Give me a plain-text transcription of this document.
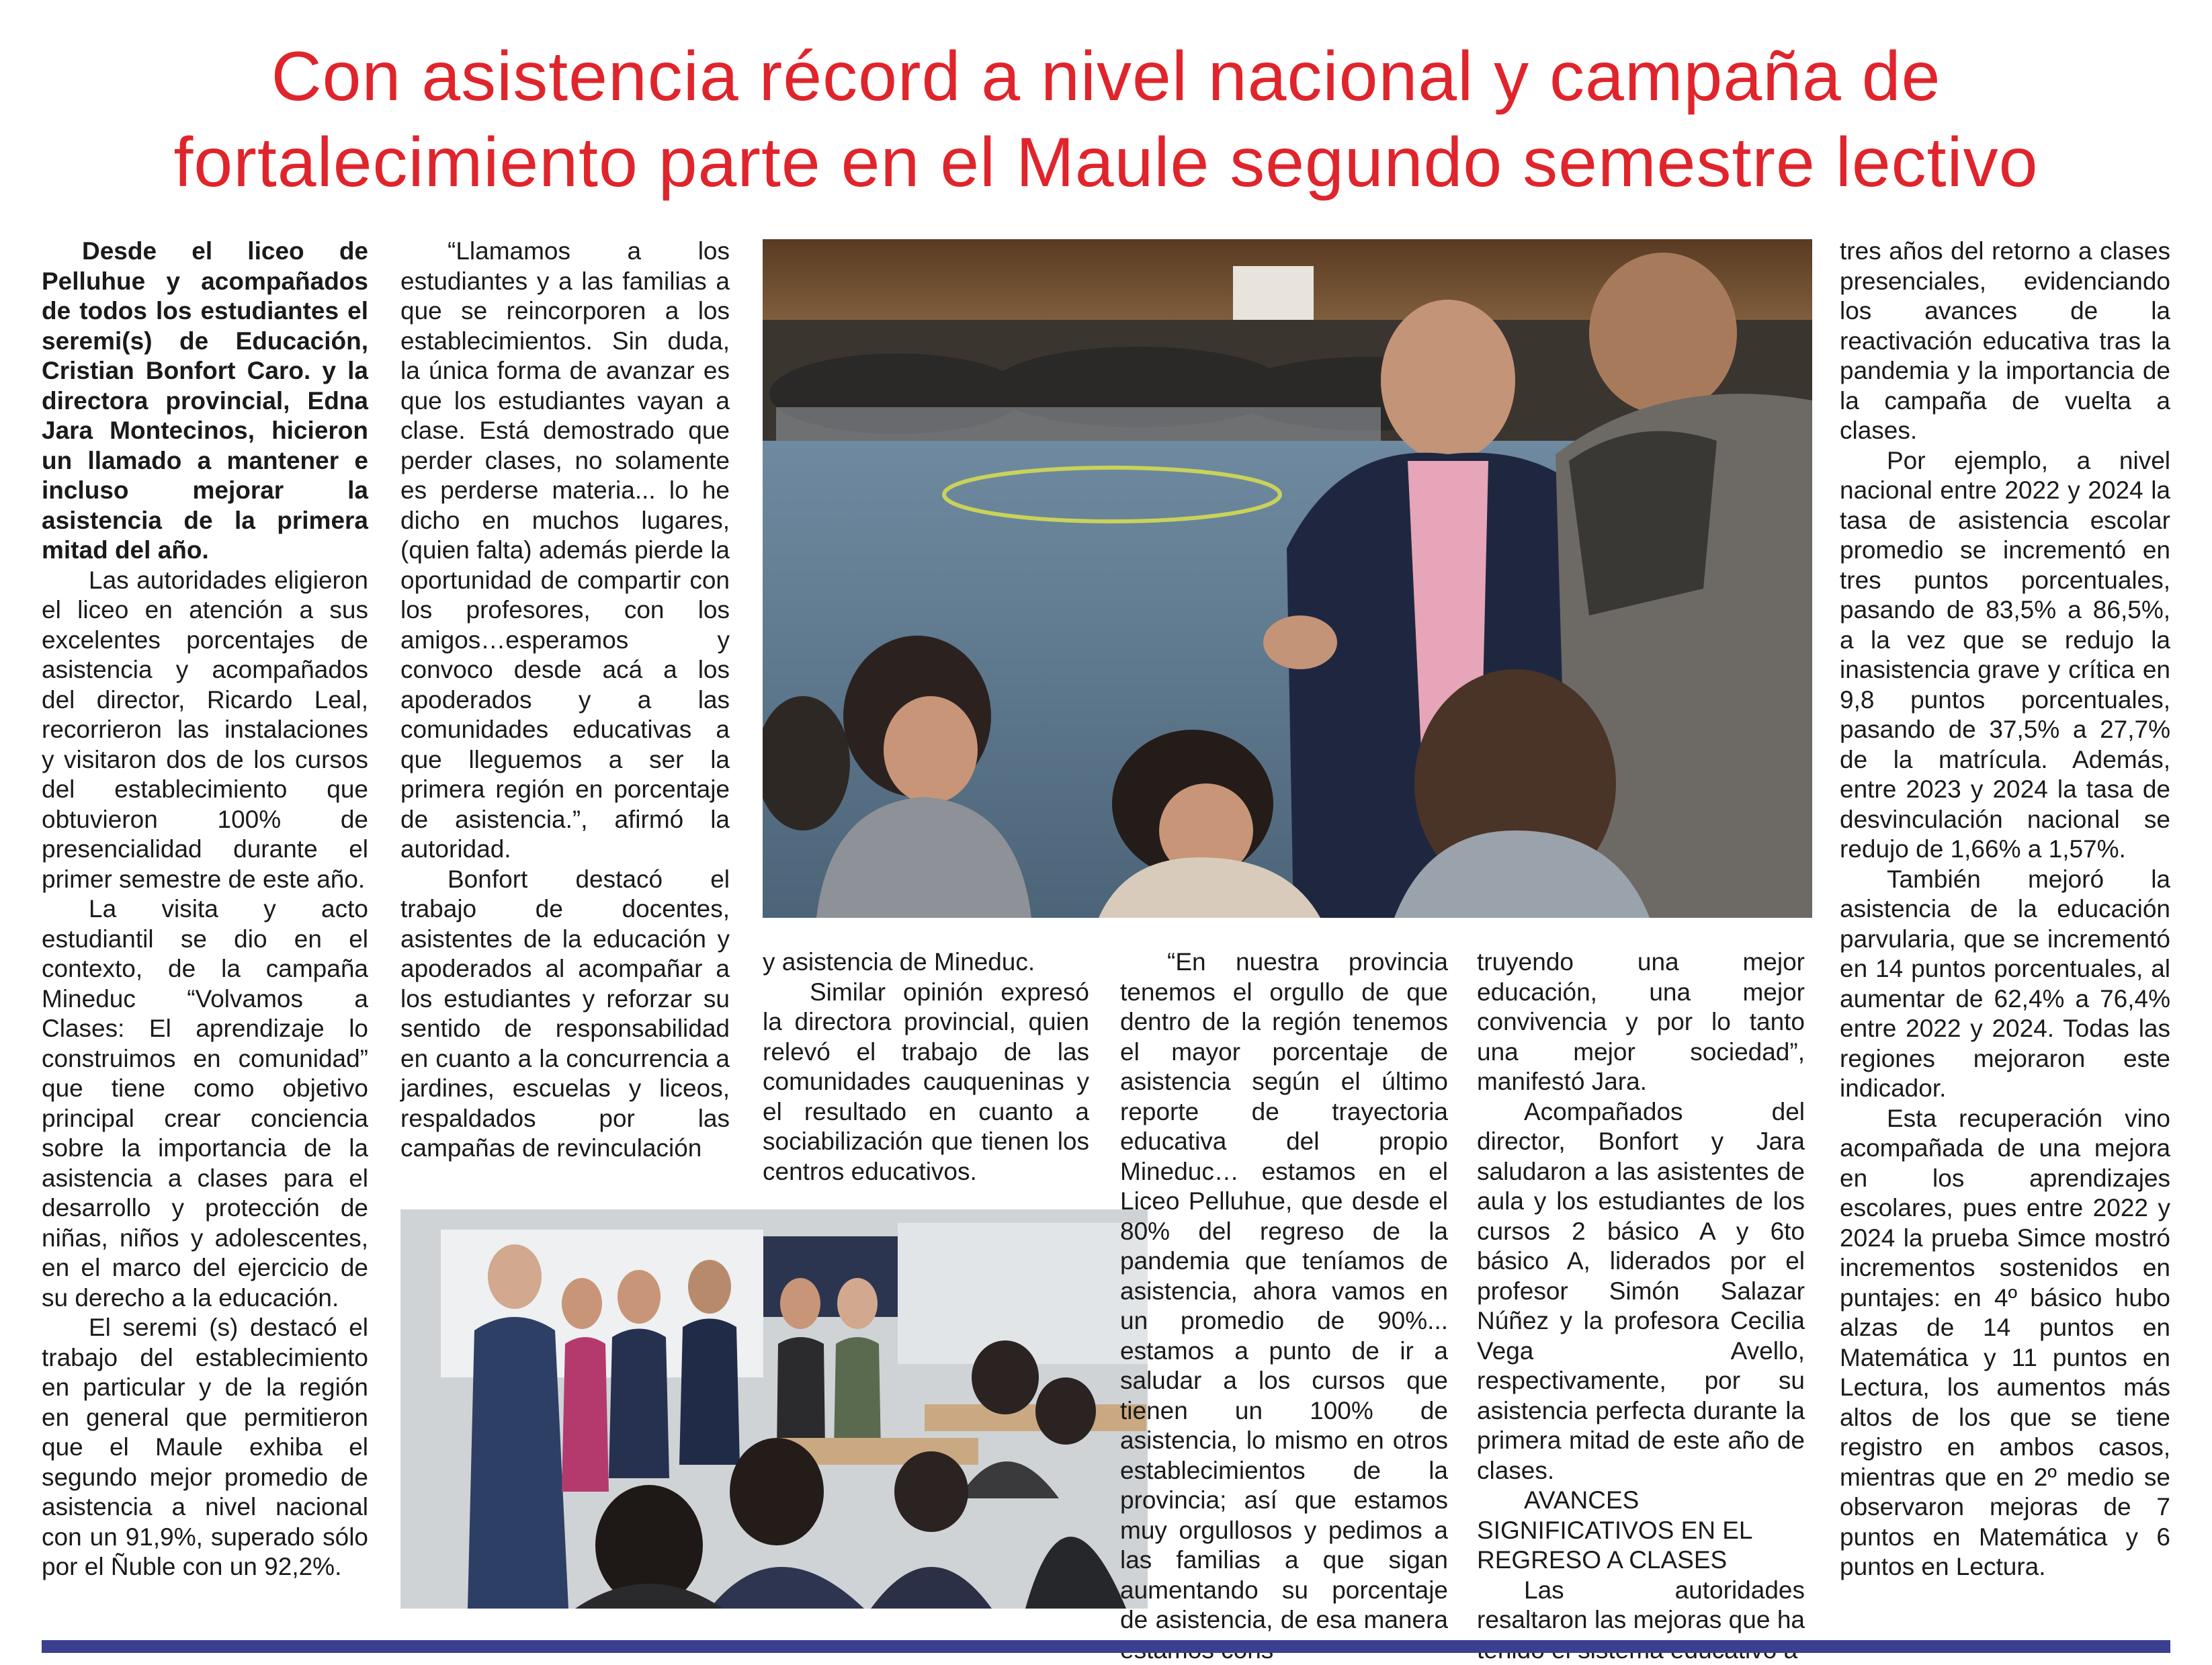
Con asistencia récord a nivel nacional y campaña de
fortalecimiento parte en el Maule segundo semestre lectivo

Desde el liceo de Pelluhue y acompañados de todos los estudiantes el seremi(s) de Educación, Cristian Bonfort Caro. y la directora provincial, Edna Jara Montecinos, hicieron un llamado a mantener e incluso mejorar la asistencia de la primera mitad del año.

Las autoridades eligieron el liceo en atención a sus excelentes porcentajes de asistencia y acompañados del director, Ricardo Leal, recorrieron las instalaciones y visitaron dos de los cursos del establecimiento que obtuvieron 100% de presencialidad durante el primer semestre de este año.

La visita y acto estudiantil se dio en el contexto, de la campaña Mineduc “Volvamos a Clases: El aprendizaje lo construimos en comunidad” que tiene como objetivo principal crear conciencia sobre la importancia de la asistencia a clases para el desarrollo y protección de niñas, niños y adolescentes, en el marco del ejercicio de su derecho a la educación.

El seremi (s) destacó el trabajo del establecimiento en particular y de la región en general que permitieron que el Maule exhiba el segundo mejor promedio de asistencia a nivel nacional con un 91,9%, superado sólo por el Ñuble con un 92,2%.

“Llamamos a los estudiantes y a las familias a que se reincorporen a los establecimientos. Sin duda, la única forma de avanzar es que los estudiantes vayan a clase. Está demostrado que perder clases, no solamente es perderse materia... lo he dicho en muchos lugares, (quien falta) además pierde la oportunidad de compartir con los profesores, con los amigos…esperamos y convoco desde acá a los apoderados y a las comunidades educativas a que lleguemos a ser la primera región en porcentaje de asistencia.”, afirmó la autoridad.

Bonfort destacó el trabajo de docentes, asistentes de la educación y apoderados al acompañar a los estudiantes y reforzar su sentido de responsabilidad en cuanto a la concurrencia a jardines, escuelas y liceos, respaldados por las campañas de revinculación

y asistencia de Mineduc.

Similar opinión expresó la directora provincial, quien relevó el trabajo de las comunidades cauqueninas y el resultado en cuanto a sociabilización que tienen los centros educativos.

“En nuestra provincia tenemos el orgullo de que dentro de la región tenemos el mayor porcentaje de asistencia según el último reporte de trayectoria educativa del propio Mineduc… estamos en el Liceo Pelluhue, que desde el 80% del regreso de la pandemia que teníamos de asistencia, ahora vamos en un promedio de 90%... estamos a punto de ir a saludar a los cursos que tienen un 100% de asistencia, lo mismo en otros establecimientos de la provincia; así que estamos muy orgullosos y pedimos a las familias a que sigan aumentando su porcentaje de asistencia, de esa manera

truyendo una mejor educación, una mejor convivencia y por lo tanto una mejor sociedad”, manifestó Jara.

Acompañados del director, Bonfort y Jara saludaron a las asistentes de aula y los estudiantes de los cursos 2 básico A y 6to básico A, liderados por el profesor Simón Salazar Núñez y la profesora Cecilia Vega Avello, respectivamente, por su asistencia perfecta durante la primera mitad de este año de clases.

AVANCES SIGNIFICATIVOS EN EL REGRESO A CLASES

Las autoridades resaltaron las mejoras que ha

tres años del retorno a clases presenciales, evidenciando los avances de la reactivación educativa tras la pandemia y la importancia de la campaña de vuelta a clases.

Por ejemplo, a nivel nacional entre 2022 y 2024 la tasa de asistencia escolar promedio se incrementó en tres puntos porcentuales, pasando de 83,5% a 86,5%, a la vez que se redujo la inasistencia grave y crítica en 9,8 puntos porcentuales, pasando de 37,5% a 27,7% de la matrícula. Además, entre 2023 y 2024 la tasa de desvinculación nacional se redujo de 1,66% a 1,57%.

También mejoró la asistencia de la educación parvularia, que se incrementó en 14 puntos porcentuales, al aumentar de 62,4% a 76,4% entre 2022 y 2024. Todas las regiones mejoraron este indicador.

Esta recuperación vino acompañada de una mejora en los aprendizajes escolares, pues entre 2022 y 2024 la prueba Simce mostró incrementos sostenidos en puntajes: en 4º básico hubo alzas de 14 puntos en Matemática y 11 puntos en Lectura, los aumentos más altos de los que se tiene registro en ambos casos, mientras que en 2º medio se observaron mejoras de 7 puntos en Matemática y 6 puntos en Lectura.
